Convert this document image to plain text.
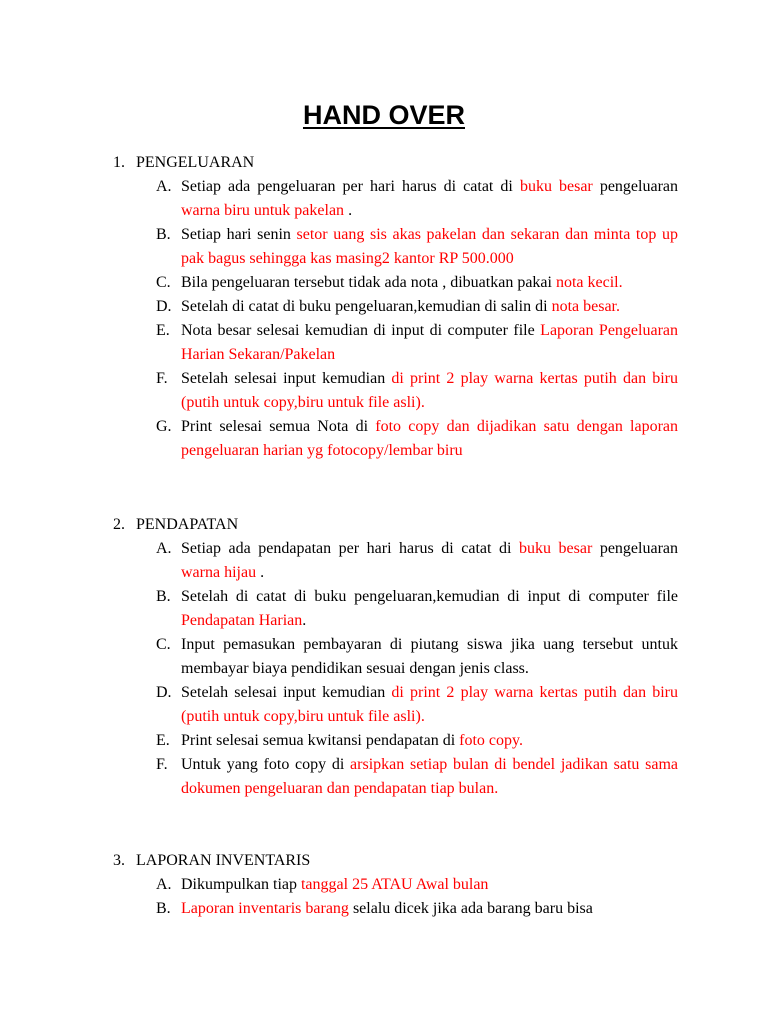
HAND OVER
1. PENGELUARAN
A. Setiap ada pengeluaran per hari harus di catat di buku besar pengeluaran warna biru untuk pakelan .
B. Setiap hari senin setor uang sis akas pakelan dan sekaran dan minta top up pak bagus sehingga kas masing2 kantor RP 500.000
C. Bila pengeluaran tersebut tidak ada nota , dibuatkan pakai nota kecil.
D. Setelah di catat di buku pengeluaran,kemudian di salin di nota besar.
E. Nota besar selesai kemudian di input di computer file Laporan Pengeluaran Harian Sekaran/Pakelan
F. Setelah selesai input kemudian di print 2 play warna kertas putih dan biru (putih untuk copy,biru untuk file asli).
G. Print selesai semua Nota di foto copy dan dijadikan satu dengan laporan pengeluaran harian yg fotocopy/lembar biru
2. PENDAPATAN
A. Setiap ada pendapatan per hari harus di catat di buku besar pengeluaran warna hijau .
B. Setelah di catat di buku pengeluaran,kemudian di input di computer file Pendapatan Harian.
C. Input pemasukan pembayaran di piutang siswa jika uang tersebut untuk membayar biaya pendidikan sesuai dengan jenis class.
D. Setelah selesai input kemudian di print 2 play warna kertas putih dan biru (putih untuk copy,biru untuk file asli).
E. Print selesai semua kwitansi pendapatan di foto copy.
F. Untuk yang foto copy di arsipkan setiap bulan di bendel jadikan satu sama dokumen pengeluaran dan pendapatan tiap bulan.
3. LAPORAN INVENTARIS
A. Dikumpulkan tiap tanggal 25 ATAU Awal bulan
B. Laporan inventaris barang selalu dicek jika ada barang baru bisa
